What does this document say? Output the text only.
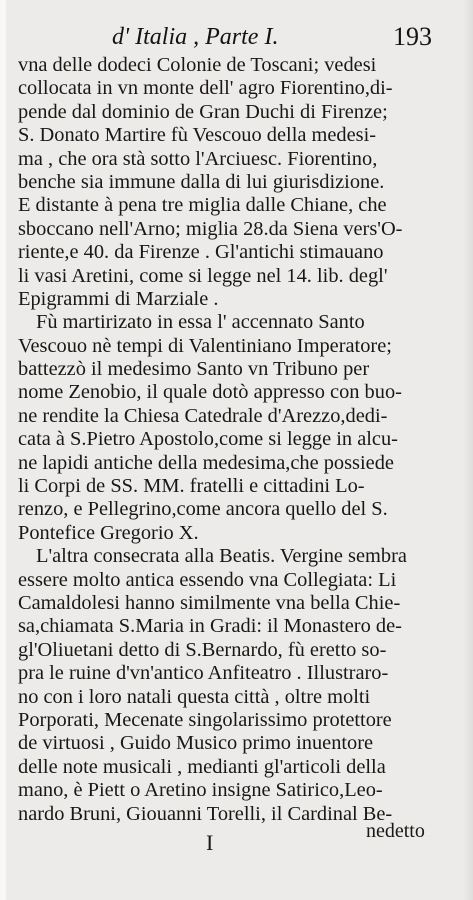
d' Italia , Parte I.	193
vna delle dodeci Colonie de Toscani; vedesi
collocata in vn monte dell' agro Fiorentino,di-
pende dal dominio de Gran Duchi di Firenze;
S. Donato Martire fù Vescouo della medesi-
ma , che ora stà sotto l'Arciuesc. Fiorentino,
benche sia immune dalla di lui giurisdizione.
E distante à pena tre miglia dalle Chiane, che
sboccano nell'Arno; miglia 28.da Siena vers'O-
riente,e 40. da Firenze . Gl'antichi stimauano
li vasi Aretini, come si legge nel 14. lib. degl'
Epigrammi di Marziale .
Fù martirizato in essa l' accennato Santo
Vescouo nè tempi di Valentiniano Imperatore;
battezzò il medesimo Santo vn Tribuno per
nome Zenobio, il quale dotò appresso con buo-
ne rendite la Chiesa Catedrale d'Arezzo,dedi-
cata à S.Pietro Apostolo,come si legge in alcu-
ne lapidi antiche della medesima,che possiede
li Corpi de SS. MM. fratelli e cittadini Lo-
renzo, e Pellegrino,come ancora quello del S.
Pontefice Gregorio X.
L'altra consecrata alla Beatis. Vergine sembra
essere molto antica essendo vna Collegiata: Li
Camaldolesi hanno similmente vna bella Chie-
sa,chiamata S.Maria in Gradi: il Monastero de-
gl'Oliuetani detto di S.Bernardo, fù eretto so-
pra le ruine d'vn'antico Anfiteatro . Illustraro-
no con i loro natali questa città , oltre molti
Porporati, Mecenate singolarissimo protettore
de virtuosi , Guido Musico primo inuentore
delle note musicali , medianti gl'articoli della
mano, è Piett o Aretino insigne Satirico,Leo-
nardo Bruni, Giouanni Torelli, il Cardinal Be-
I	nedetto
